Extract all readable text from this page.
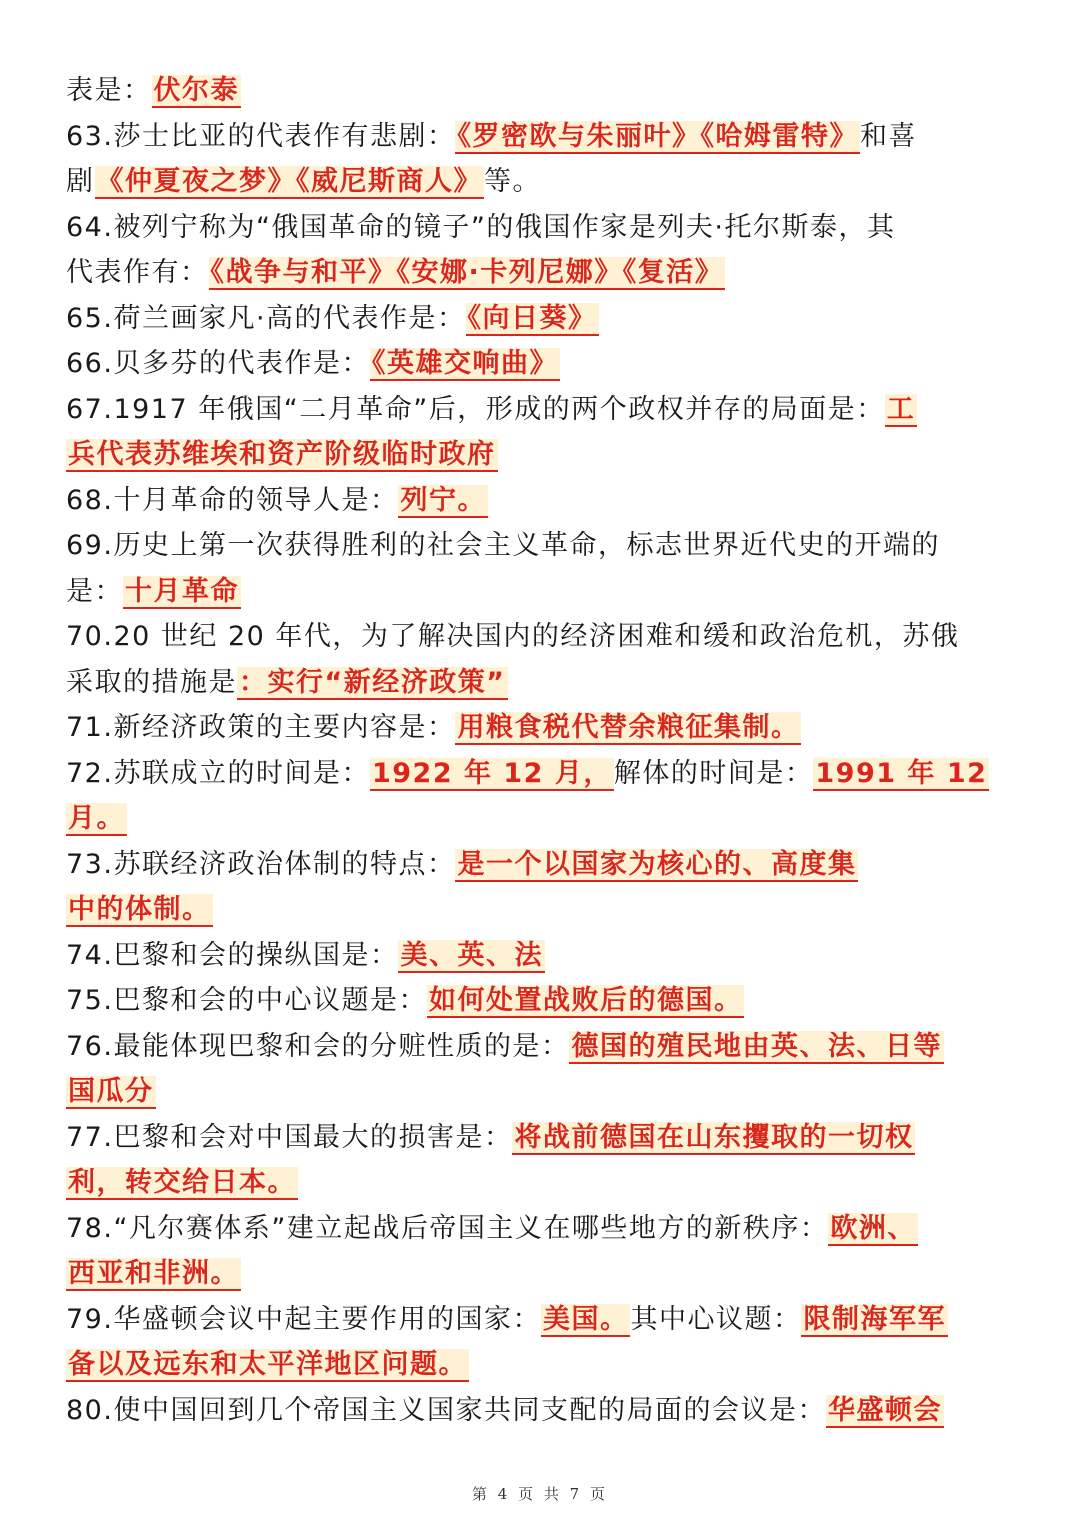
表是：伏尔泰
63.莎士比亚的代表作有悲剧：《罗密欧与朱丽叶》《哈姆雷特》和喜
剧《仲夏夜之梦》《威尼斯商人》等。
64.被列宁称为“俄国革命的镜子”的俄国作家是列夫·托尔斯泰，其
代表作有：《战争与和平》《安娜·卡列尼娜》《复活》
65.荷兰画家凡·高的代表作是：《向日葵》
66.贝多芬的代表作是：《英雄交响曲》
67.1917 年俄国“二月革命”后，形成的两个政权并存的局面是：工
兵代表苏维埃和资产阶级临时政府
68.十月革命的领导人是：列宁。
69.历史上第一次获得胜利的社会主义革命，标志世界近代史的开端的
是：十月革命
70.20 世纪 20 年代，为了解决国内的经济困难和缓和政治危机，苏俄
采取的措施是：实行“新经济政策”
71.新经济政策的主要内容是：用粮食税代替余粮征集制。
72.苏联成立的时间是：1922 年 12 月，解体的时间是：1991 年 12
月。
73.苏联经济政治体制的特点：是一个以国家为核心的、高度集
中的体制。
74.巴黎和会的操纵国是：美、英、法
75.巴黎和会的中心议题是：如何处置战败后的德国。
76.最能体现巴黎和会的分赃性质的是：德国的殖民地由英、法、日等
国瓜分
77.巴黎和会对中国最大的损害是：将战前德国在山东攫取的一切权
利，转交给日本。
78.“凡尔赛体系”建立起战后帝国主义在哪些地方的新秩序：欧洲、
西亚和非洲。
79.华盛顿会议中起主要作用的国家：美国。其中心议题：限制海军军
备以及远东和太平洋地区问题。
80.使中国回到几个帝国主义国家共同支配的局面的会议是：华盛顿会
第 4 页 共 7 页
